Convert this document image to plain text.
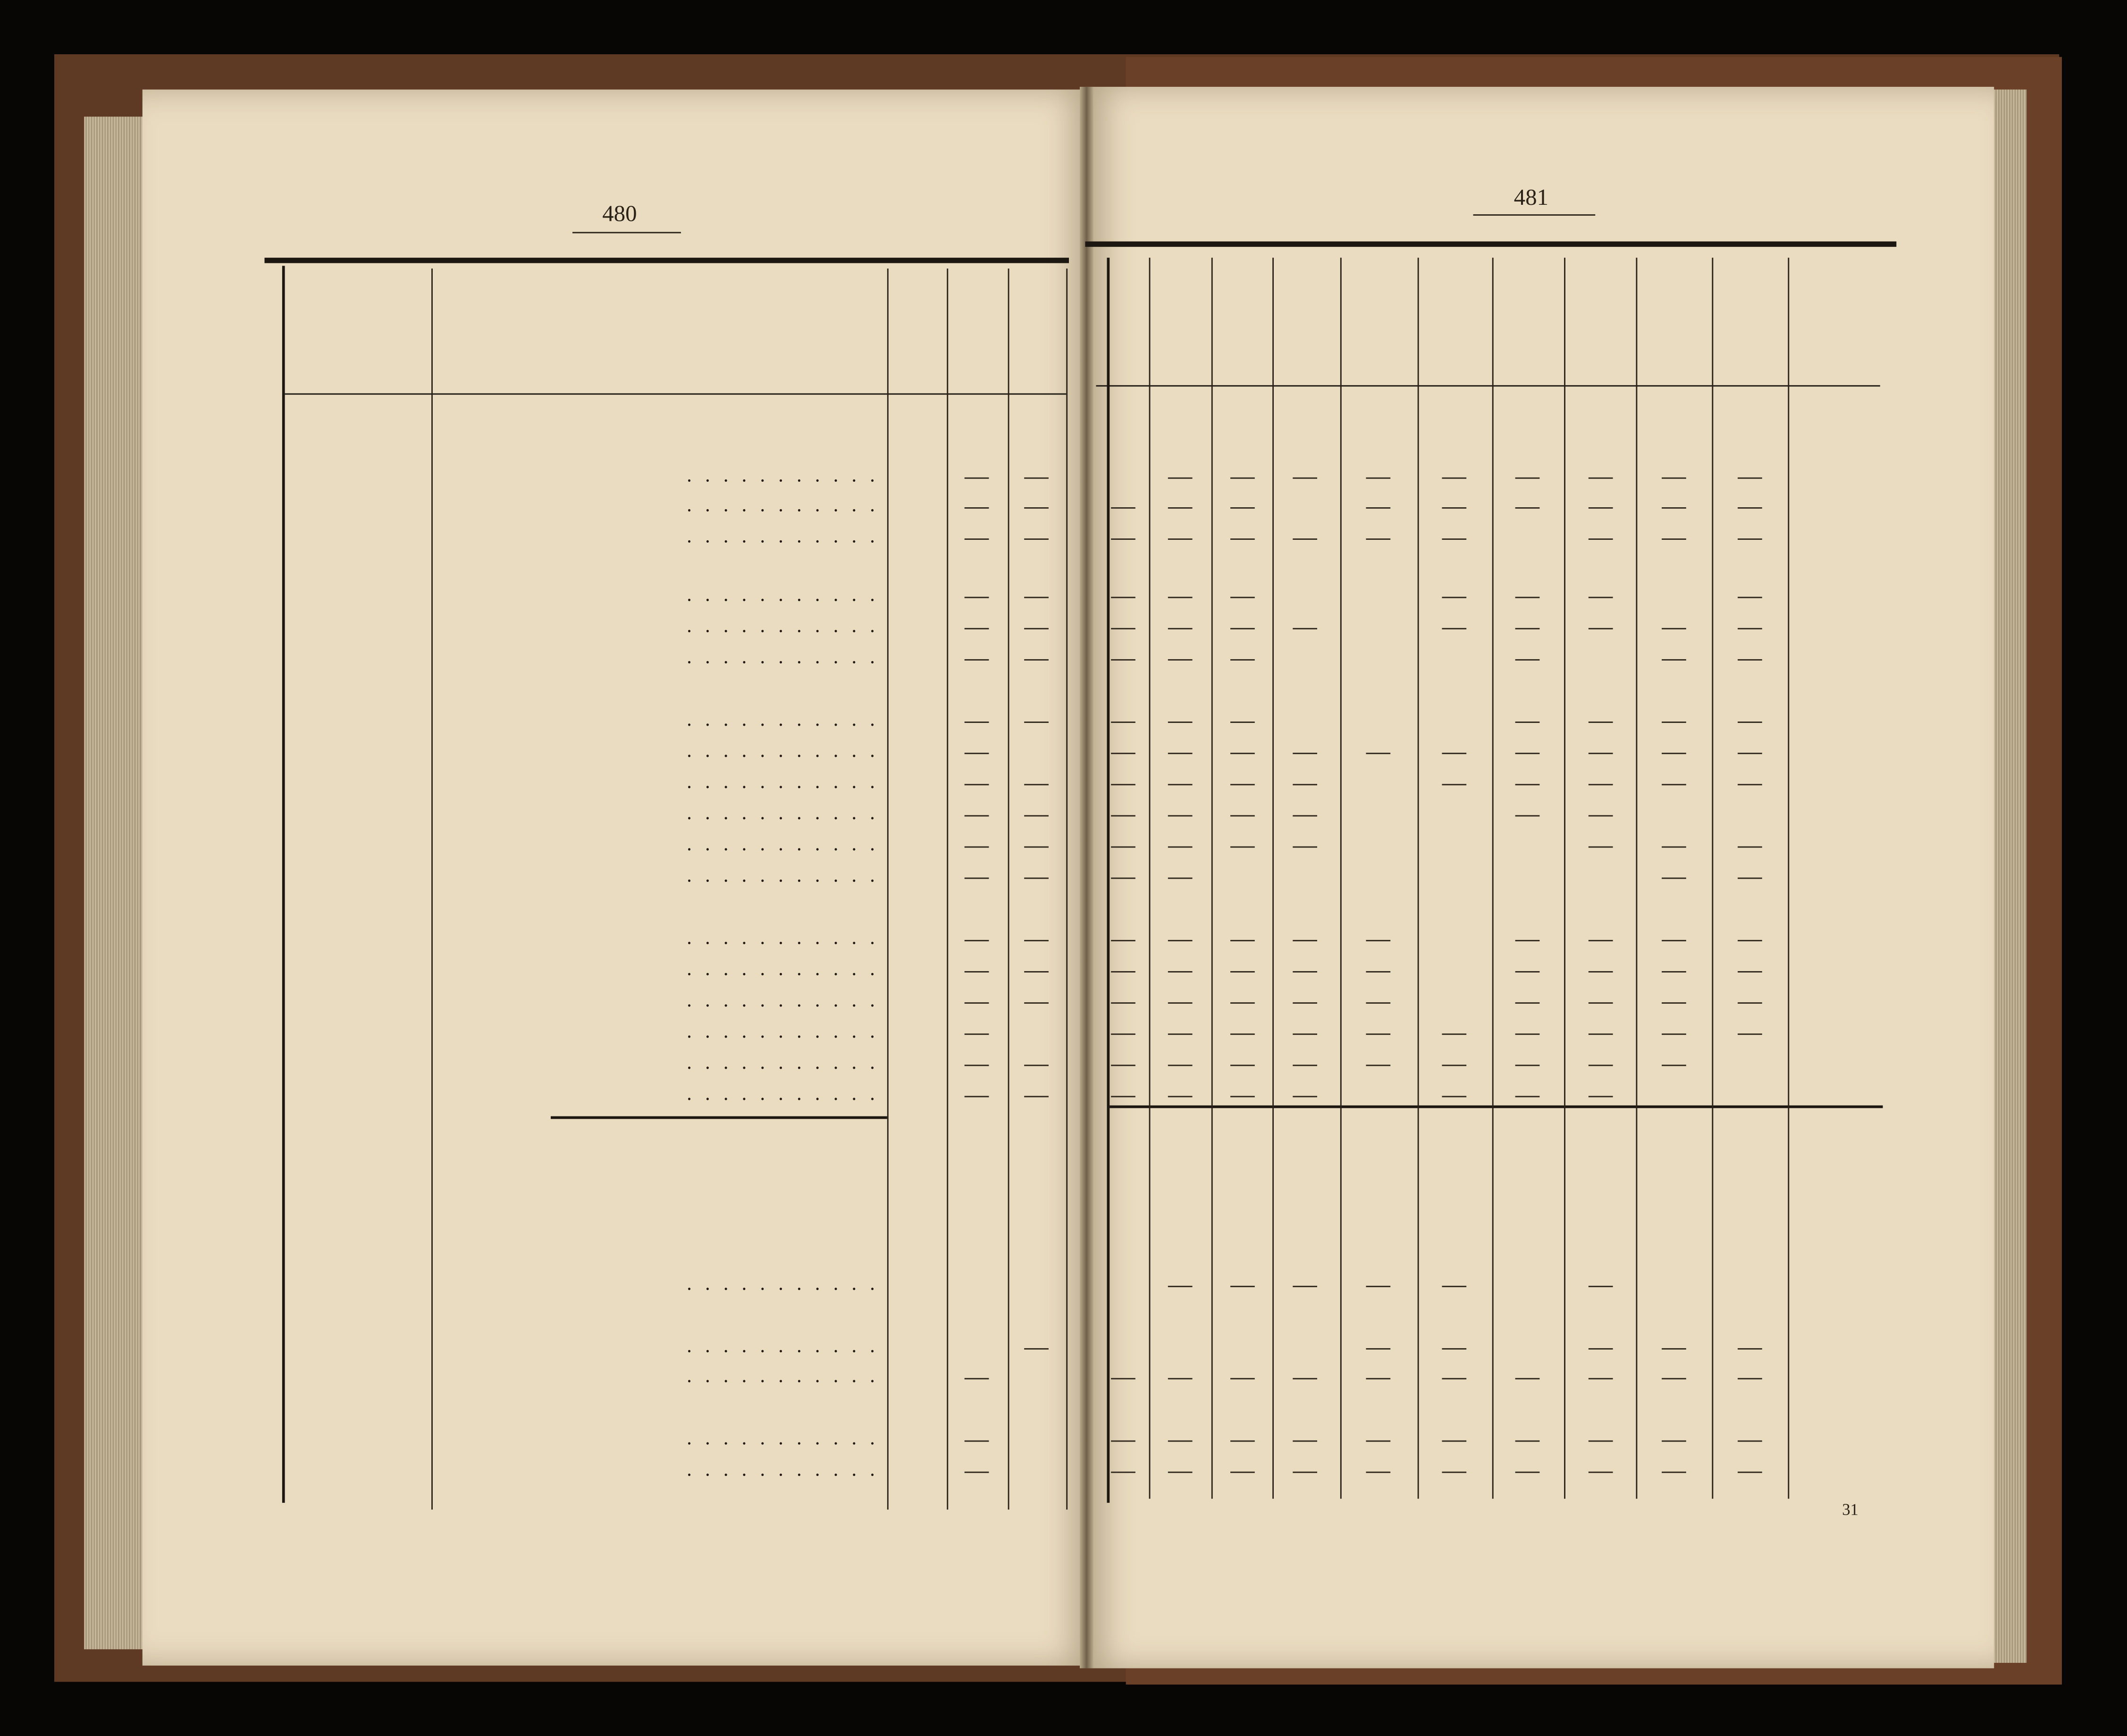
480
481
31
. . . . . . . . . . .
. . . . . . . . . . .
. . . . . . . . . . .
. . . . . . . . . . .
. . . . . . . . . . .
. . . . . . . . . . .
. . . . . . . . . . .
. . . . . . . . . . .
. . . . . . . . . . .
. . . . . . . . . . .
. . . . . . . . . . .
. . . . . . . . . . .
. . . . . . . . . . .
. . . . . . . . . . .
. . . . . . . . . . .
. . . . . . . . . . .
. . . . . . . . . . .
. . . . . . . . . . .
. . . . . . . . . . .
. . . . . . . . . . .
. . . . . . . . . . .
. . . . . . . . . . .
. . . . . . . . . . .
